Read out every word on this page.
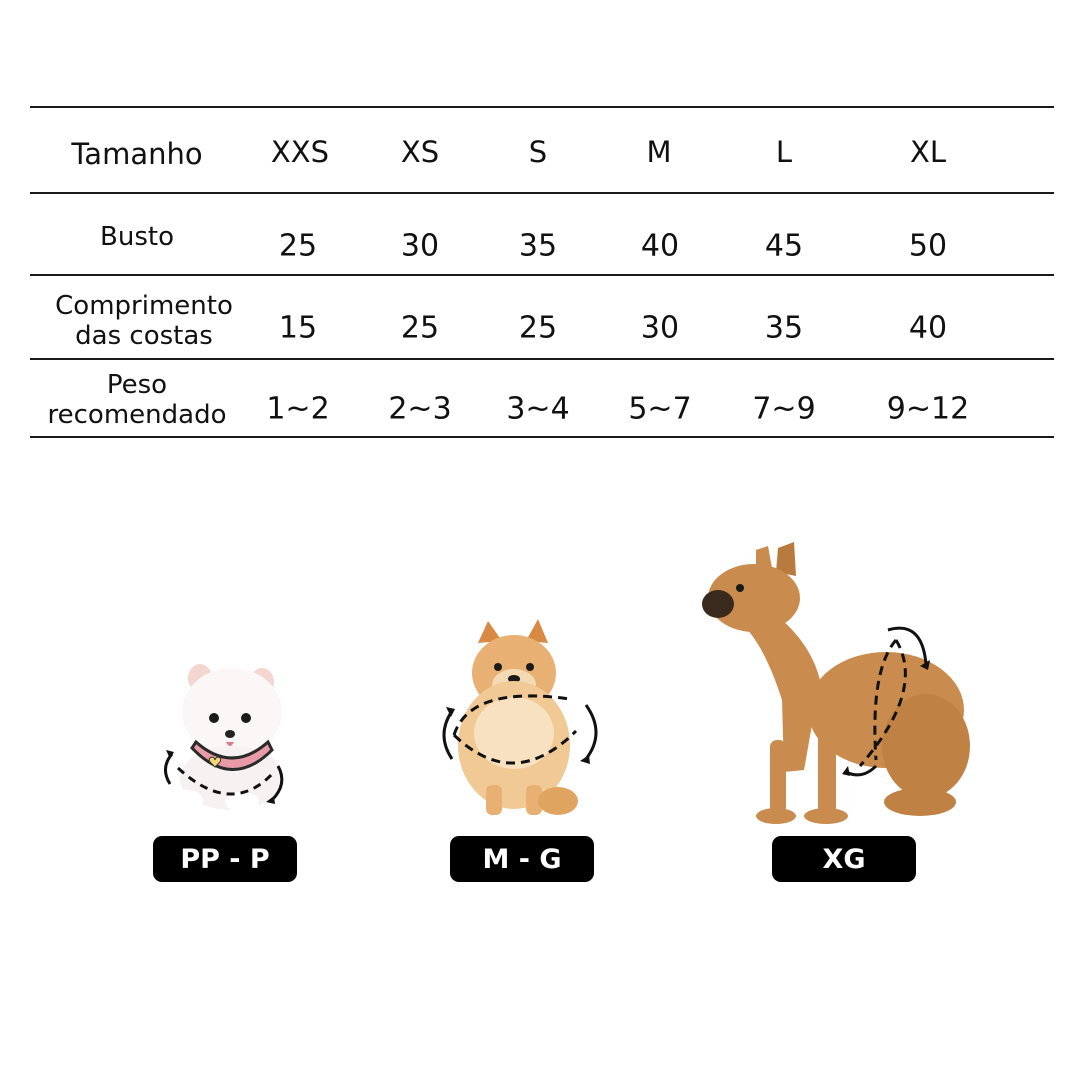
Tamanho XXS XS	S	M	L	XL
Busto	25	30	35	40	45	50
Comprimento
das costas	15	25	25	30	35	40
Peso
recomendado 1~2 2~3 3~4 5~7 7~9 9~12
PP - P	M - G	XG
